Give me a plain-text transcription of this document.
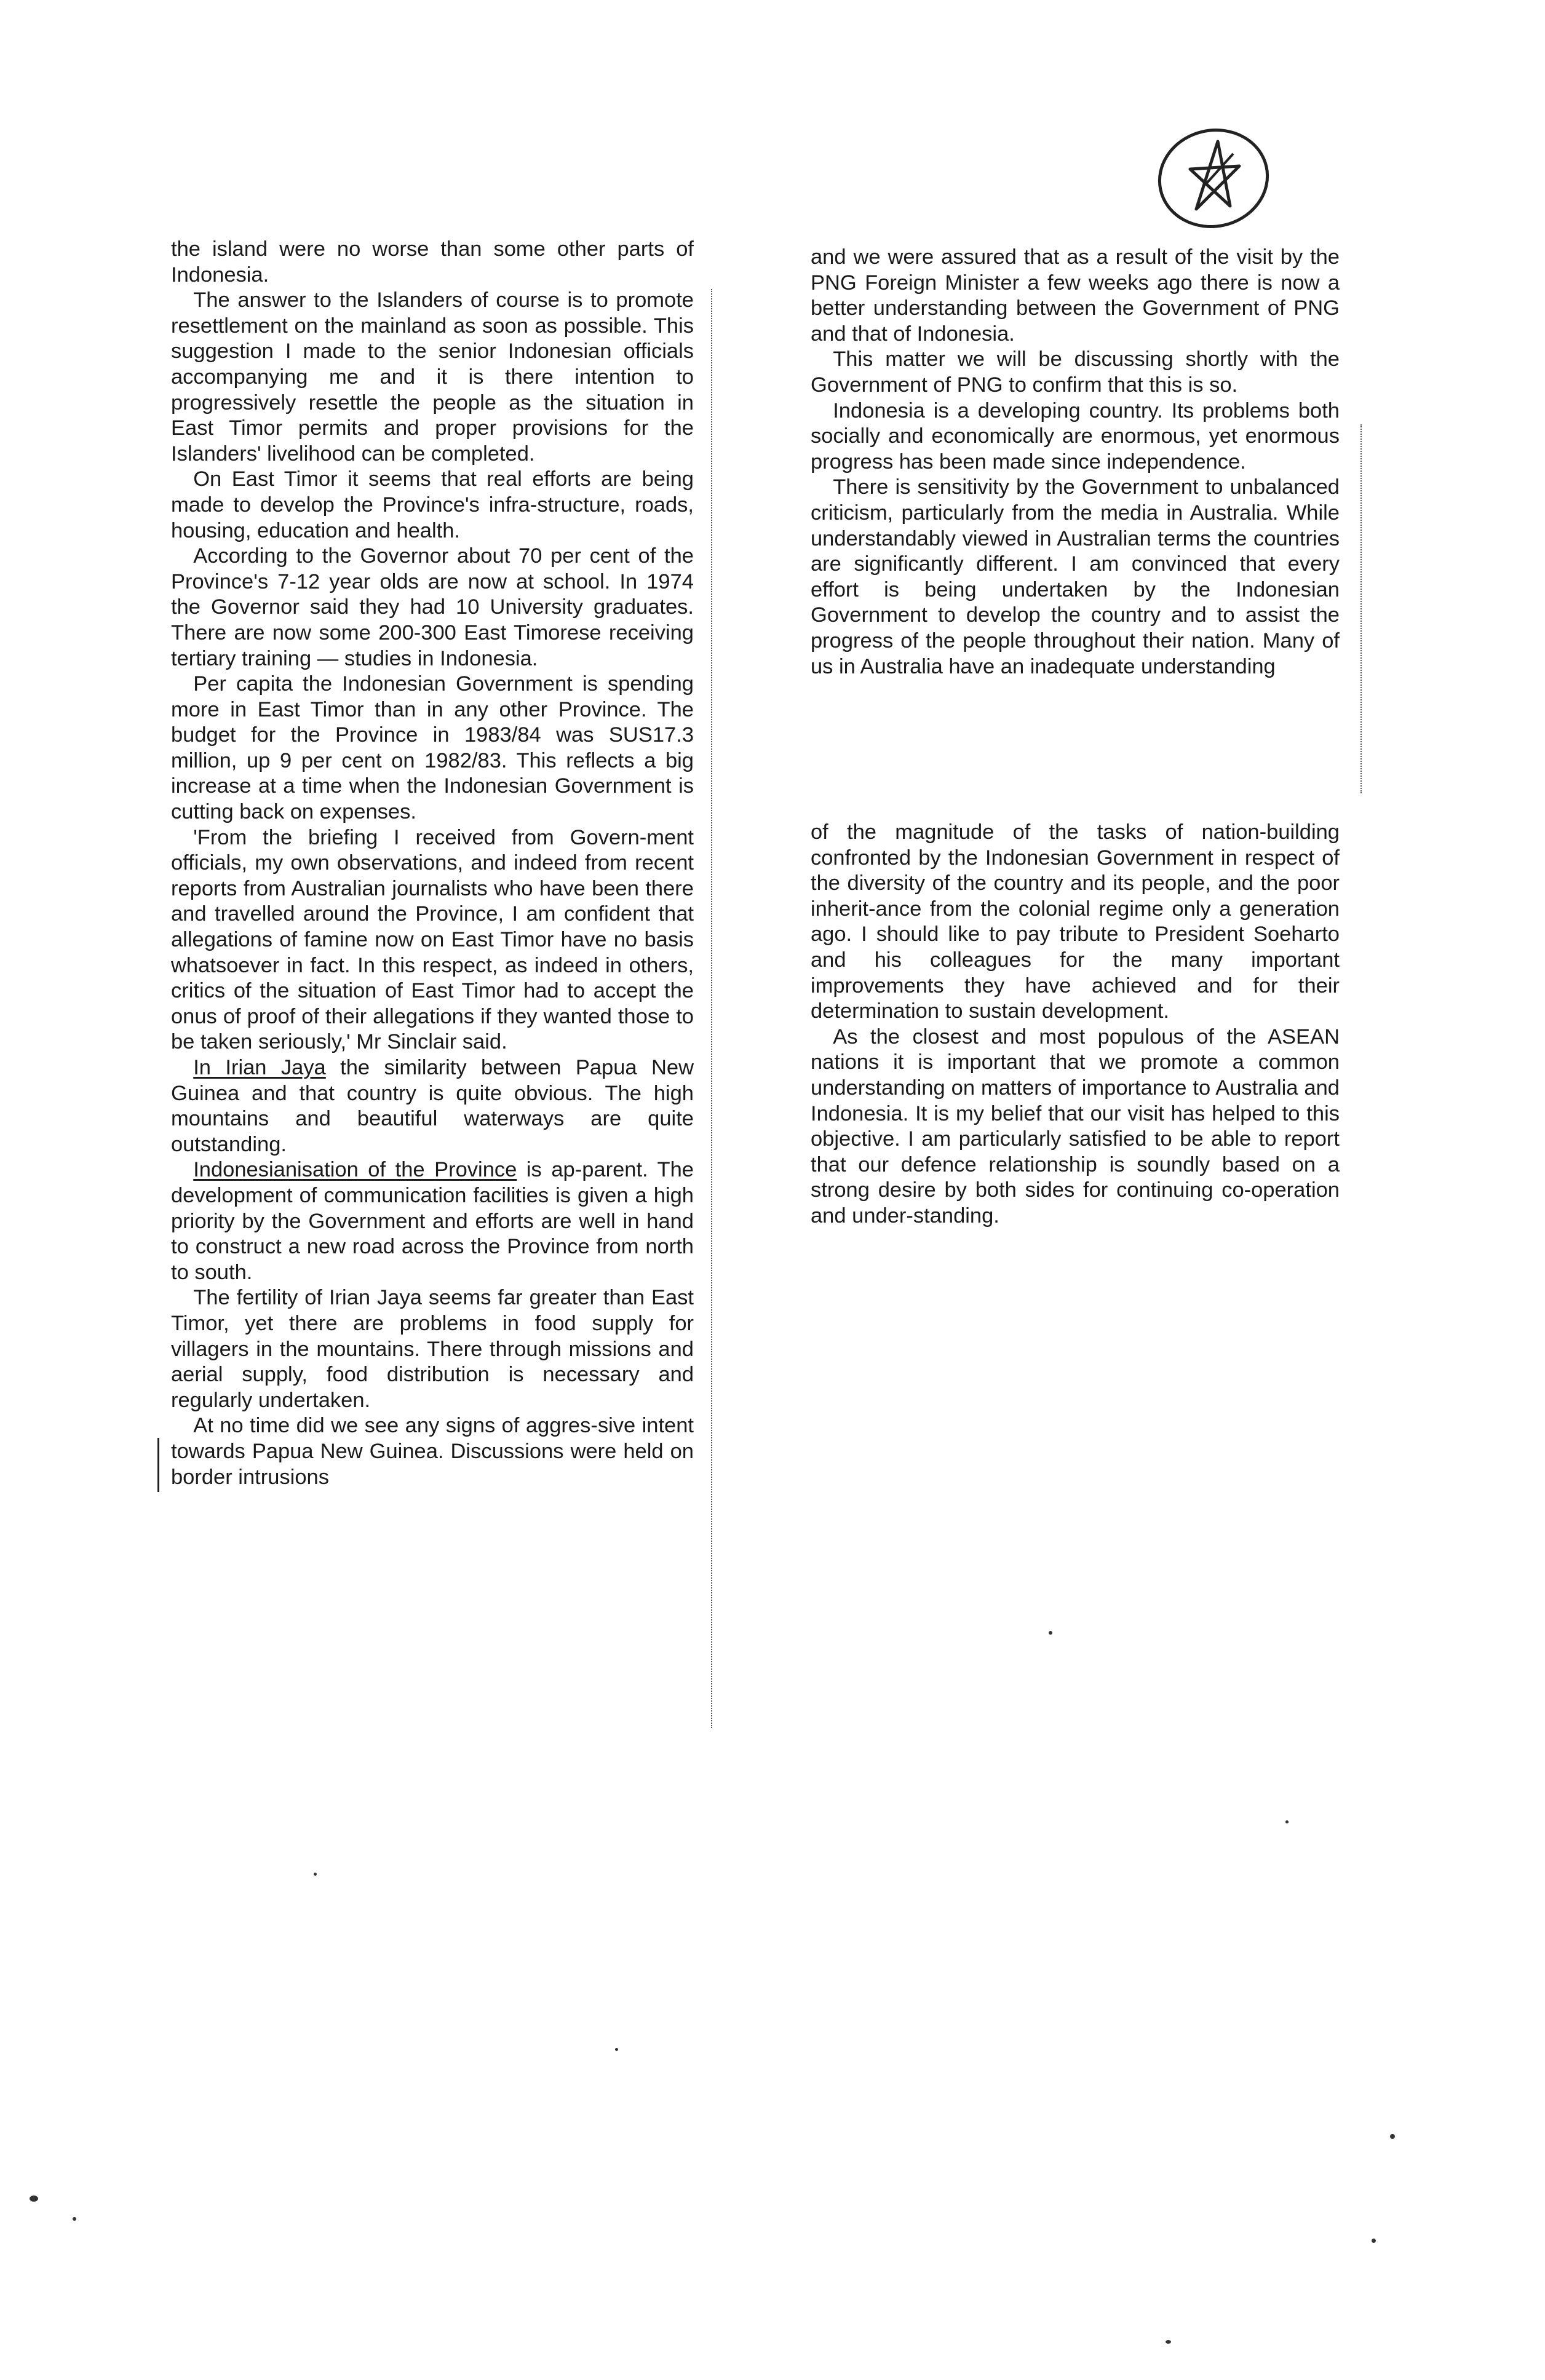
the island were no worse than some other parts of Indonesia.

The answer to the Islanders of course is to promote resettlement on the mainland as soon as possible. This suggestion I made to the senior Indonesian officials accompanying me and it is there intention to progressively resettle the people as the situation in East Timor permits and proper provisions for the Islanders' livelihood can be completed.

On East Timor it seems that real efforts are being made to develop the Province's infra-structure, roads, housing, education and health.

According to the Governor about 70 per cent of the Province's 7-12 year olds are now at school. In 1974 the Governor said they had 10 University graduates. There are now some 200-300 East Timorese receiving tertiary training — studies in Indonesia.

Per capita the Indonesian Government is spending more in East Timor than in any other Province. The budget for the Province in 1983/84 was SUS17.3 million, up 9 per cent on 1982/83. This reflects a big increase at a time when the Indonesian Government is cutting back on expenses.

'From the briefing I received from Govern-ment officials, my own observations, and indeed from recent reports from Australian journalists who have been there and travelled around the Province, I am confident that allegations of famine now on East Timor have no basis whatsoever in fact. In this respect, as indeed in others, critics of the situation of East Timor had to accept the onus of proof of their allegations if they wanted those to be taken seriously,' Mr Sinclair said.

In Irian Jaya the similarity between Papua New Guinea and that country is quite obvious. The high mountains and beautiful waterways are quite outstanding.

Indonesianisation of the Province is ap-parent. The development of communication facilities is given a high priority by the Government and efforts are well in hand to construct a new road across the Province from north to south.

The fertility of Irian Jaya seems far greater than East Timor, yet there are problems in food supply for villagers in the mountains. There through missions and aerial supply, food distribution is necessary and regularly undertaken.

At no time did we see any signs of aggres-sive intent towards Papua New Guinea. Discussions were held on border intrusions

and we were assured that as a result of the visit by the PNG Foreign Minister a few weeks ago there is now a better understanding between the Government of PNG and that of Indonesia.

This matter we will be discussing shortly with the Government of PNG to confirm that this is so.

Indonesia is a developing country. Its problems both socially and economically are enormous, yet enormous progress has been made since independence.

There is sensitivity by the Government to unbalanced criticism, particularly from the media in Australia. While understandably viewed in Australian terms the countries are significantly different. I am convinced that every effort is being undertaken by the Indonesian Government to develop the country and to assist the progress of the people throughout their nation. Many of us in Australia have an inadequate understanding

of the magnitude of the tasks of nation-building confronted by the Indonesian Government in respect of the diversity of the country and its people, and the poor inherit-ance from the colonial regime only a generation ago. I should like to pay tribute to President Soeharto and his colleagues for the many important improvements they have achieved and for their determination to sustain development.

As the closest and most populous of the ASEAN nations it is important that we promote a common understanding on matters of importance to Australia and Indonesia. It is my belief that our visit has helped to this objective. I am particularly satisfied to be able to report that our defence relationship is soundly based on a strong desire by both sides for continuing co-operation and under-standing.
